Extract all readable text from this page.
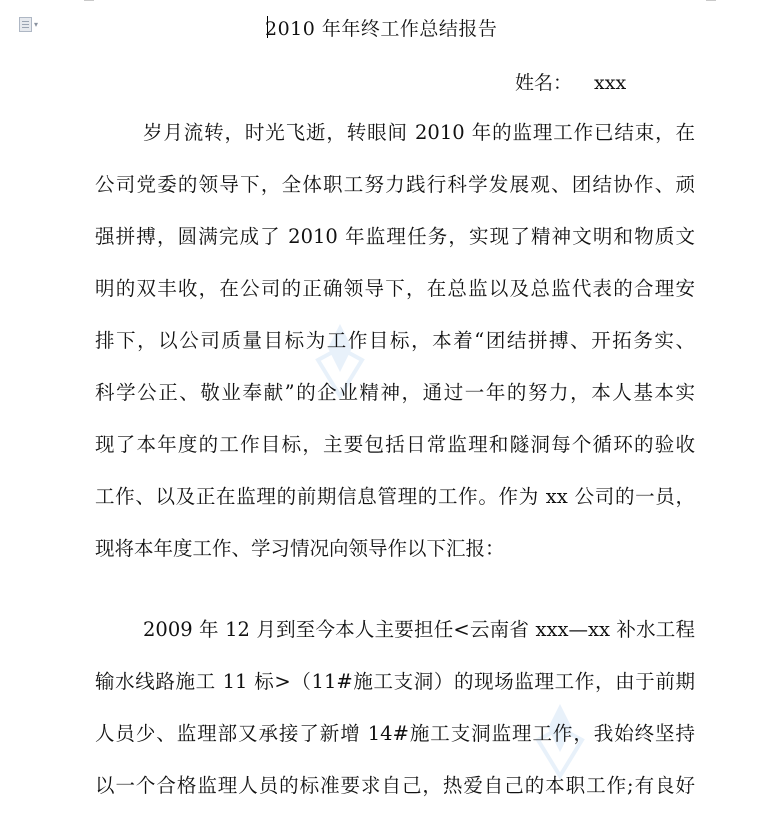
▾	2010 年年终工作总结报告
姓名： xxx
岁月流转，时光飞逝，转眼间 2010 年的监理工作已结束，在
公司党委的领导下，全体职工努力践行科学发展观、团结协作、顽
强拼搏，圆满完成了 2010 年监理任务，实现了精神文明和物质文
明的双丰收，在公司的正确领导下，在总监以及总监代表的合理安
排下，以公司质量目标为工作目标，本着“团结拼搏、开拓务实、
科学公正、敬业奉献”的企业精神，通过一年的努力，本人基本实
现了本年度的工作目标，主要包括日常监理和隧洞每个循环的验收
工作、以及正在监理的前期信息管理的工作。作为 xx 公司的一员，
现将本年度工作、学习情况向领导作以下汇报：
2009 年 12 月到至今本人主要担任<云南省 xxx—xx 补水工程
输水线路施工 11 标>（11#施工支洞）的现场监理工作，由于前期
人员少、监理部又承接了新增 14#施工支洞监理工作，我始终坚持
以一个合格监理人员的标准要求自己，热爱自己的本职工作;有良好
